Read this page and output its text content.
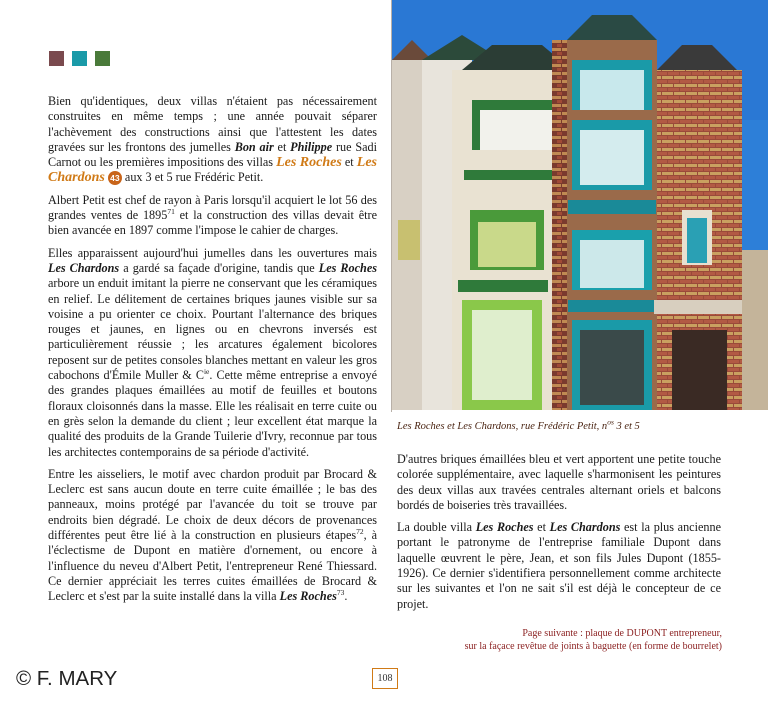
Bien qu'identiques, deux villas n'étaient pas nécessairement construites en même temps ; une année pouvait séparer l'achèvement des constructions ainsi que l'attestent les dates gravées sur les frontons des jumelles Bon air et Philippe rue Sadi Carnot ou les premières impositions des villas Les Roches et Les Chardons 43 aux 3 et 5 rue Frédéric Petit.

Albert Petit est chef de rayon à Paris lorsqu'il acquiert le lot 56 des grandes ventes de 1895$^{71}$ et la construction des villas devait être bien avancée en 1897 comme l'impose le cahier de charges.

Elles apparaissent aujourd'hui jumelles dans les ouvertures mais Les Chardons a gardé sa façade d'origine, tandis que Les Roches arbore un enduit imitant la pierre ne conservant que les céramiques en relief. Le délitement de certaines briques jaunes visible sur sa voisine a pu orienter ce choix. Pourtant l'alternance des briques rouges et jaunes, en lignes ou en chevrons inversés est particulièrement réussie ; les arcatures également bicolores reposent sur de petites consoles blanches mettant en valeur les gros cabochons d'Émile Muller & $C^{ie}$. Cette même entreprise a envoyé des grandes plaques émaillées au motif de feuilles et boutons floraux cloisonnés dans la masse. Elle les réalisait en terre cuite ou en grès selon la demande du client ; leur excellent état marque la qualité des produits de la Grande Tuilerie d'Ivry, reconnue par tous les architectes contemporains de sa période d'activité.

Entre les aisseliers, le motif avec chardon produit par Brocard & Leclerc est sans aucun doute en terre cuite émaillée ; le bas des panneaux, moins protégé par l'avancée du toit se trouve par endroits bien dégradé. Le choix de deux décors de provenances différentes peut être lié à la construction en plusieurs étapes$^{72}$, à l'éclectisme de Dupont en matière d'ornement, ou encore à l'influence du neveu d'Albert Petit, l'entrepreneur René Thiessard. Ce dernier appréciait les terres cuites émaillées de Brocard & Leclerc et s'est par la suite installé dans la villa Les Roches$^{73}$.

Les Roches et Les Chardons, rue Frédéric Petit, $n^{os}$ 3 et 5

D'autres briques émaillées bleu et vert apportent une petite touche colorée supplémentaire, avec laquelle s'harmonisent les peintures des deux villas aux travées centrales alternant oriels et balcons bordés de boiseries très travaillées.

La double villa Les Roches et Les Chardons est la plus ancienne portant le patronyme de l'entreprise familiale Dupont dans laquelle œuvrent le père, Jean, et son fils Jules Dupont (1855-1926). Ce dernier s'identifiera personnellement comme architecte sur les suivantes et l'on ne sait s'il est déjà le concepteur de ce projet.

Page suivante : plaque de DUPONT entrepreneur,
sur la façace revêtue de joints à baguette (en forme de bourrelet)
© F. MARY	108
